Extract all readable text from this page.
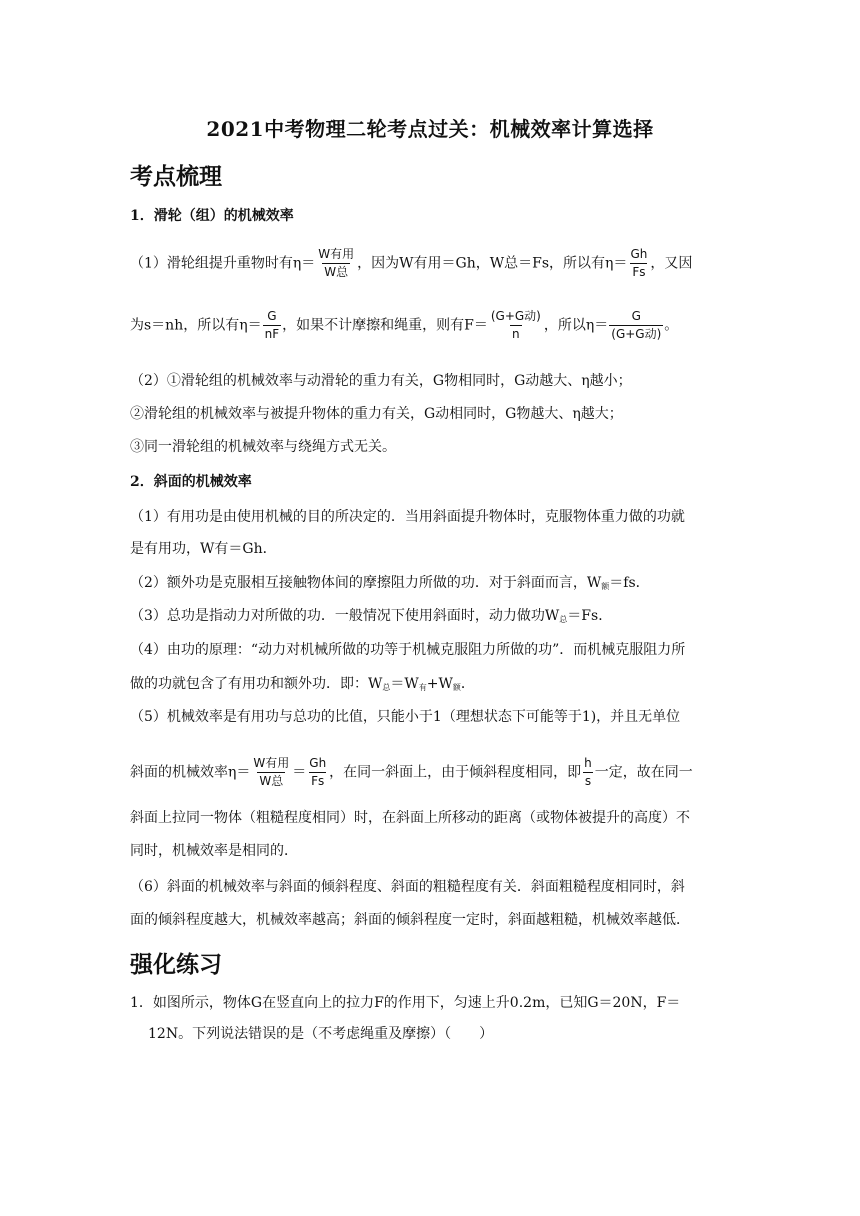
2021中考物理二轮考点过关：机械效率计算选择
考点梳理
1．滑轮（组）的机械效率
（1）滑轮组提升重物时有$\eta= \frac{\text{W有用}}{\text{W总}}$ ，因为W有用＝Gh，W总＝Fs，所以有$\eta= \frac{Gh}{Fs}$ ，又因
为s＝nh，所以有$\eta= \frac{G}{nF}$ ，如果不计摩擦和绳重，则有$F= \frac{\text{(G+G动)}}{n}$ ，所以$\eta= \frac{G}{\text{(G+G动)}}$ 。
（2）①滑轮组的机械效率与动滑轮的重力有关，G物相同时，G动越大、η越小；
②滑轮组的机械效率与被提升物体的重力有关，G动相同时，G物越大、η越大；
③同一滑轮组的机械效率与绕绳方式无关。
2．斜面的机械效率
（1）有用功是由使用机械的目的所决定的．当用斜面提升物体时，克服物体重力做的功就
是有用功，W有＝Gh．
（2）额外功是克服相互接触物体间的摩擦阻力所做的功．对于斜面而言，$W_额=fs$．
（3）总功是指动力对所做的功．一般情况下使用斜面时，动力做功$W_总=Fs$．
（4）由功的原理：“动力对机械所做的功等于机械克服阻力所做的功”．而机械克服阻力所
做的功就包含了有用功和额外功．即：$W_总=W_有+W_额$．
（5）机械效率是有用功与总功的比值，只能小于1（理想状态下可能等于1)，并且无单位
斜面的机械效率$\eta= \frac{\text{W有用}}{\text{W总}} = \frac{Gh}{Fs}$ ，在同一斜面上，由于倾斜程度相同，即 $\frac{h}{s}$ 一定，故在同一
斜面上拉同一物体（粗糙程度相同）时，在斜面上所移动的距离（或物体被提升的高度）不
同时，机械效率是相同的．
（6）斜面的机械效率与斜面的倾斜程度、斜面的粗糙程度有关．斜面粗糙程度相同时，斜
面的倾斜程度越大，机械效率越高；斜面的倾斜程度一定时，斜面越粗糙，机械效率越低．
强化练习
1．如图所示，物体G在竖直向上的拉力F的作用下，匀速上升0.2m，已知G＝20N，F＝
12N。下列说法错误的是（不考虑绳重及摩擦）（　　）
